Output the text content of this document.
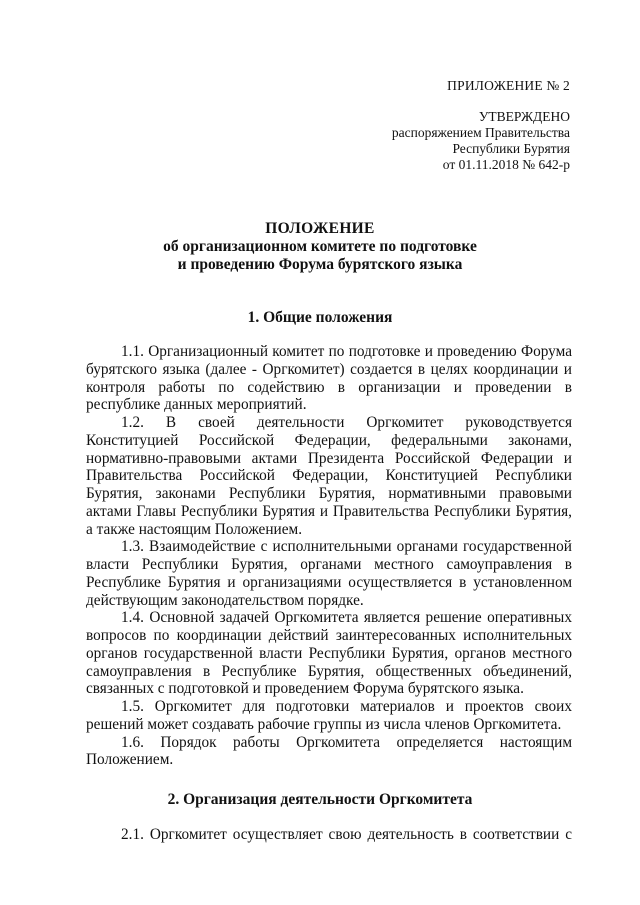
ПРИЛОЖЕНИЕ № 2
УТВЕРЖДЕНО
распоряжением Правительства
Республики Бурятия
от 01.11.2018 № 642-р
ПОЛОЖЕНИЕ
об организационном комитете по подготовке
и проведению Форума бурятского языка
1. Общие положения

1.1. Организационный комитет по подготовке и проведению Форума бурятского языка (далее - Оргкомитет) создается в целях координации и контроля работы по содействию в организации и проведении в республике данных мероприятий.

1.2. В своей деятельности Оргкомитет руководствуется Конституцией Российской Федерации, федеральными законами, нормативно-правовыми актами Президента Российской Федерации и Правительства Российской Федерации, Конституцией Республики Бурятия, законами Республики Бурятия, нормативными правовыми актами Главы Республики Бурятия и Правительства Республики Бурятия, а также настоящим Положением.

1.3. Взаимодействие с исполнительными органами государственной власти Республики Бурятия, органами местного самоуправления в Республике Бурятия и организациями осуществляется в установленном действующим законодательством порядке.

1.4. Основной задачей Оргкомитета является решение оперативных вопросов по координации действий заинтересованных исполнительных органов государственной власти Республики Бурятия, органов местного самоуправления в Республике Бурятия, общественных объединений, связанных с подготовкой и проведением Форума бурятского языка.

1.5. Оргкомитет для подготовки материалов и проектов своих решений может создавать рабочие группы из числа членов Оргкомитета.

1.6. Порядок работы Оргкомитета определяется настоящим Положением.

2. Организация деятельности Оргкомитета

2.1. Оргкомитет осуществляет свою деятельность в соответствии с
